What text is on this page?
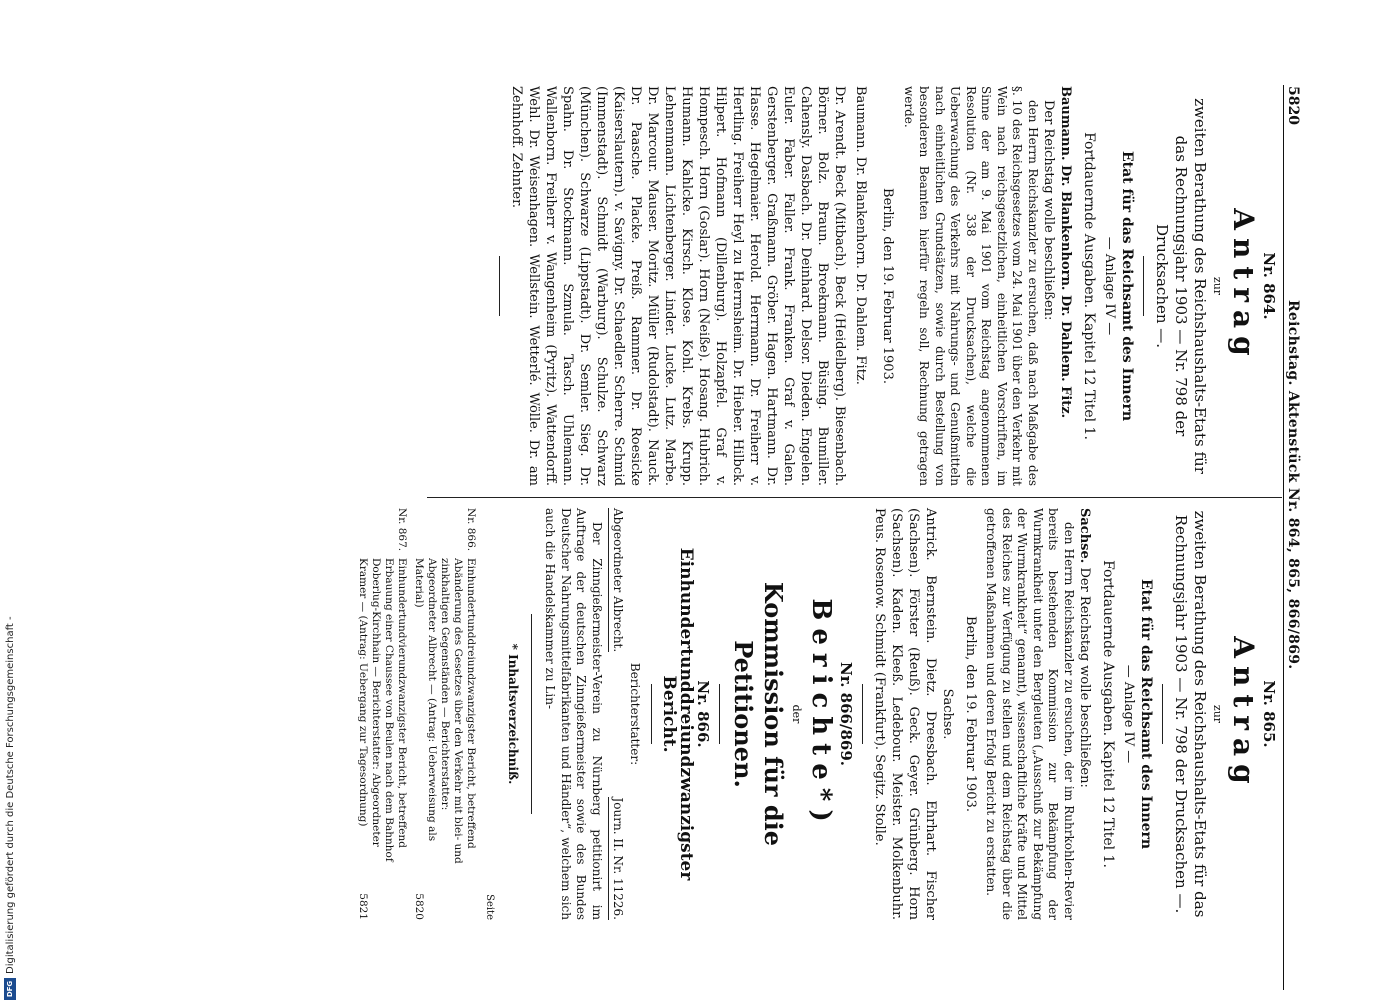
5820
Reichstag. Aktenstück Nr. 864, 865, 866/869.

Nr. 864.

Antrag

zur

zweiten Berathung des Reichshaushalts-Etats für das Rechnungsjahr 1903 — Nr. 798 der Drucksachen —.

Etat für das Reichsamt des Innern

— Anlage IV —

Fortdauernde Ausgaben. Kapitel 12 Titel 1.

Baumann. Dr. Blankenhorn. Dr. Dahlem. Fitz.

Der Reichstag wolle beschließen:

den Herrn Reichskanzler zu ersuchen, daß nach Maßgabe des §. 10 des Reichsgesetzes vom 24. Mai 1901 über den Verkehr mit Wein nach reichsgesetzlichen, einheitlichen Vorschriften, im Sinne der am 9. Mai 1901 vom Reichstag angenommenen Resolution (Nr. 338 der Drucksachen), welche die Ueberwachung des Verkehrs mit Nahrungs- und Genußmitteln nach einheitlichen Grundsätzen, sowie durch Bestellung von besonderen Beamten hierfür regeln soll, Rechnung getragen werde.

Berlin, den 19. Februar 1903.

Baumann. Dr. Blankenhorn. Dr. Dahlem. Fitz.

Dr. Arendt. Beck (Mitbach). Beck (Heidelberg). Biesenbach. Börner. Bolz. Braun. Broekmann. Büsing. Bumiller. Cahensly. Dasbach. Dr. Deinhard. Delsor. Dieden. Engelen. Euler. Faber. Faller. Frank. Franken. Graf v. Galen. Gerstenberger. Graßmann. Gröber. Hagen. Hartmann. Dr. Hasse. Hegelmaier. Herold. Herrmann. Dr. Freiherr v. Hertling. Freiherr Heyl zu Herrnsheim. Dr. Hieber. Hilbck. Hilpert. Hofmann (Dillenburg). Holzapfel. Graf v. Hompesch. Horn (Goslar). Horn (Neiße). Hosang. Hubrich. Humann. Kahlcke. Kirsch. Klose. Kohl. Krebs. Krupp. Lehnenmann. Lichtenberger. Linder. Lucke. Lutz. Marbe. Dr. Marcour. Mauser. Moritz. Müller (Rudolstadt). Nauck. Dr. Paasche. Placke. Preiß. Rammer. Dr. Roesicke (Kaiserslautern). v. Savigny. Dr. Schaedler. Scherre. Schmid (Immenstadt). Schmidt (Warburg). Schulze. Schwarz (München). Schwarze (Lippstadt). Dr. Semler. Sieg. Dr. Spahn. Dr. Stockmann. Szmula. Tasch. Uhlemann. Wallenborn. Freiherr v. Wangenheim (Pyritz). Wattendorff. Wehl. Dr. Weisenhagen. Wellstein. Wetterlé. Wölle. Dr. am Zehnhoff. Zehnter.

Nr. 865.

Antrag

zur

zweiten Berathung des Reichshaushalts-Etats für das Rechnungsjahr 1903 — Nr. 798 der Drucksachen —.

Etat für das Reichsamt des Innern

— Anlage IV —

Fortdauernde Ausgaben. Kapitel 12 Titel 1.

Sachse. Der Reichstag wolle beschließen:

den Herrn Reichskanzler zu ersuchen, der im Ruhrkohlen-Revier bereits bestehenden Kommission zur Bekämpfung der Wurmkrankheit unter den Bergleuten („Ausschuß zur Bekämpfung der Wurmkrankheit“ genannt), wissenschaftliche Kräfte und Mittel des Reiches zur Verfügung zu stellen und dem Reichstag über die getroffenen Maßnahmen und deren Erfolg Bericht zu erstatten.

Berlin, den 19. Februar 1903.

Sachse.

Antrick. Bernstein. Dietz. Dreesbach. Ehrhart. Fischer (Sachsen). Förster (Reuß). Geck. Geyer. Grünberg. Horn (Sachsen). Kaden. Kleeß. Ledebour. Meister. Molkenbuhr. Peus. Rosenow. Schmidt (Frankfurt). Segitz. Stolle.

Nr. 866/869.

Berichte*)

der

Kommission für die Petitionen.

Nr. 866.

Einhundertunddreiundzwanzigster Bericht.

Berichterstatter:

Abgeordneter Albrecht.
Journ. II. Nr. 11226.

Der Zinngießermeister-Verein zu Nürnberg petitionirt im Auftrage der deutschen Zinngießermeister sowie des Bundes Deutscher Nahrungsmittelfabrikanten und Händler“, welchem sich auch die Handelskammer zu Lin-

* Inhaltsverzeichniß.

Seite
Nr. 866.
Einhundertunddreiundzwanzigster Bericht, betreffend Abänderung des Gesetzes über den Verkehr mit blei- und zinkhaltigen Gegenständen — Berichterstatter: Abgeordneter Albrecht — (Antrag: Ueberweisung als Material)
5820
Nr. 867.
Einhundertundvierundzwanzigster Bericht, betreffend Erbauung einer Chaussee von Beulen nach dem Bahnhof Doberlug-Kirchhain — Berichterstatter: Abgeordneter Kramer — (Antrag: Uebergang zur Tagesordnung)
5821
DFG
Digitalisierung gefördert durch die Deutsche Forschungsgemeinschaft -
